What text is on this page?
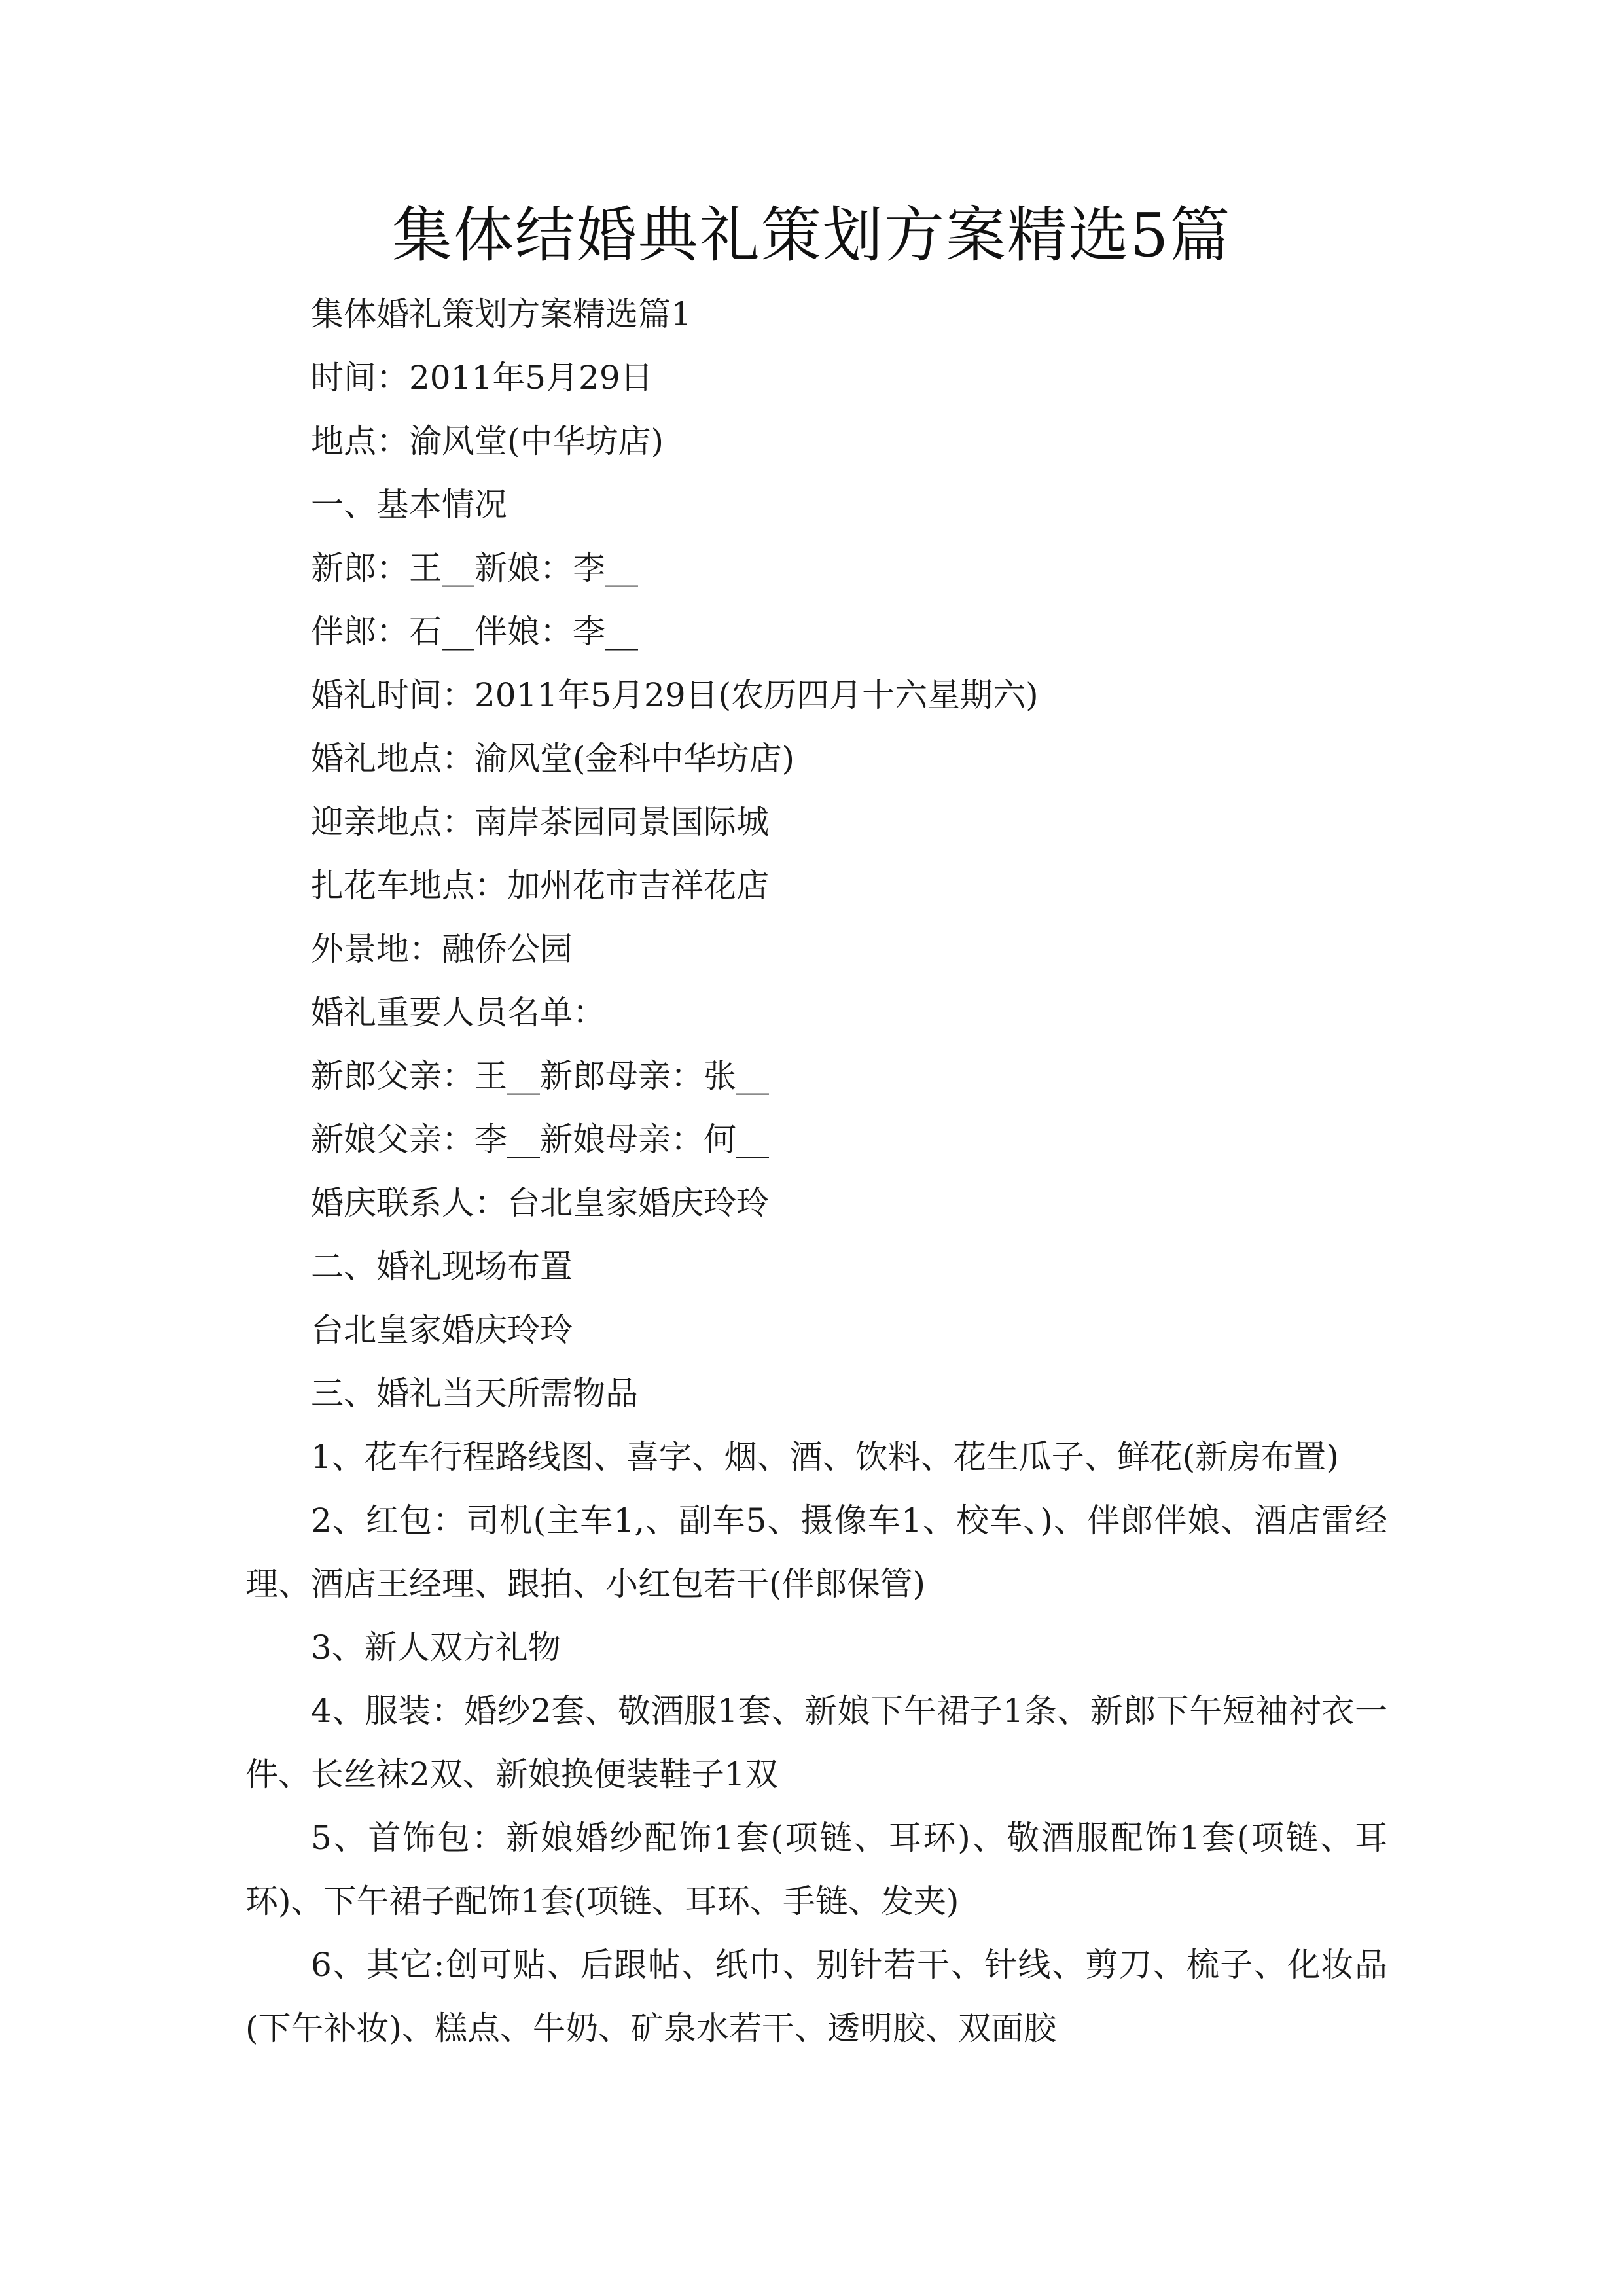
集体结婚典礼策划方案精选5篇

集体婚礼策划方案精选篇1

时间：2011年5月29日

地点：渝风堂(中华坊店)

一、基本情况

新郎：王__新娘：李__

伴郎：石__伴娘：李__

婚礼时间：2011年5月29日(农历四月十六星期六)

婚礼地点：渝风堂(金科中华坊店)

迎亲地点：南岸茶园同景国际城

扎花车地点：加州花市吉祥花店

外景地：融侨公园

婚礼重要人员名单：

新郎父亲：王__新郎母亲：张__

新娘父亲：李__新娘母亲：何__

婚庆联系人：台北皇家婚庆玲玲

二、婚礼现场布置

台北皇家婚庆玲玲

三、婚礼当天所需物品

1、花车行程路线图、喜字、烟、酒、饮料、花生瓜子、鲜花(新房布置)

2、红包：司机(主车1,、副车5、摄像车1、校车、)、伴郎伴娘、酒店雷经理、酒店王经理、跟拍、小红包若干(伴郎保管)

3、新人双方礼物

4、服装：婚纱2套、敬酒服1套、新娘下午裙子1条、新郎下午短袖衬衣一件、长丝袜2双、新娘换便装鞋子1双

5、首饰包：新娘婚纱配饰1套(项链、耳环)、敬酒服配饰1套(项链、耳环)、下午裙子配饰1套(项链、耳环、手链、发夹)

6、其它:创可贴、后跟帖、纸巾、别针若干、针线、剪刀、梳子、化妆品(下午补妆)、糕点、牛奶、矿泉水若干、透明胶、双面胶
